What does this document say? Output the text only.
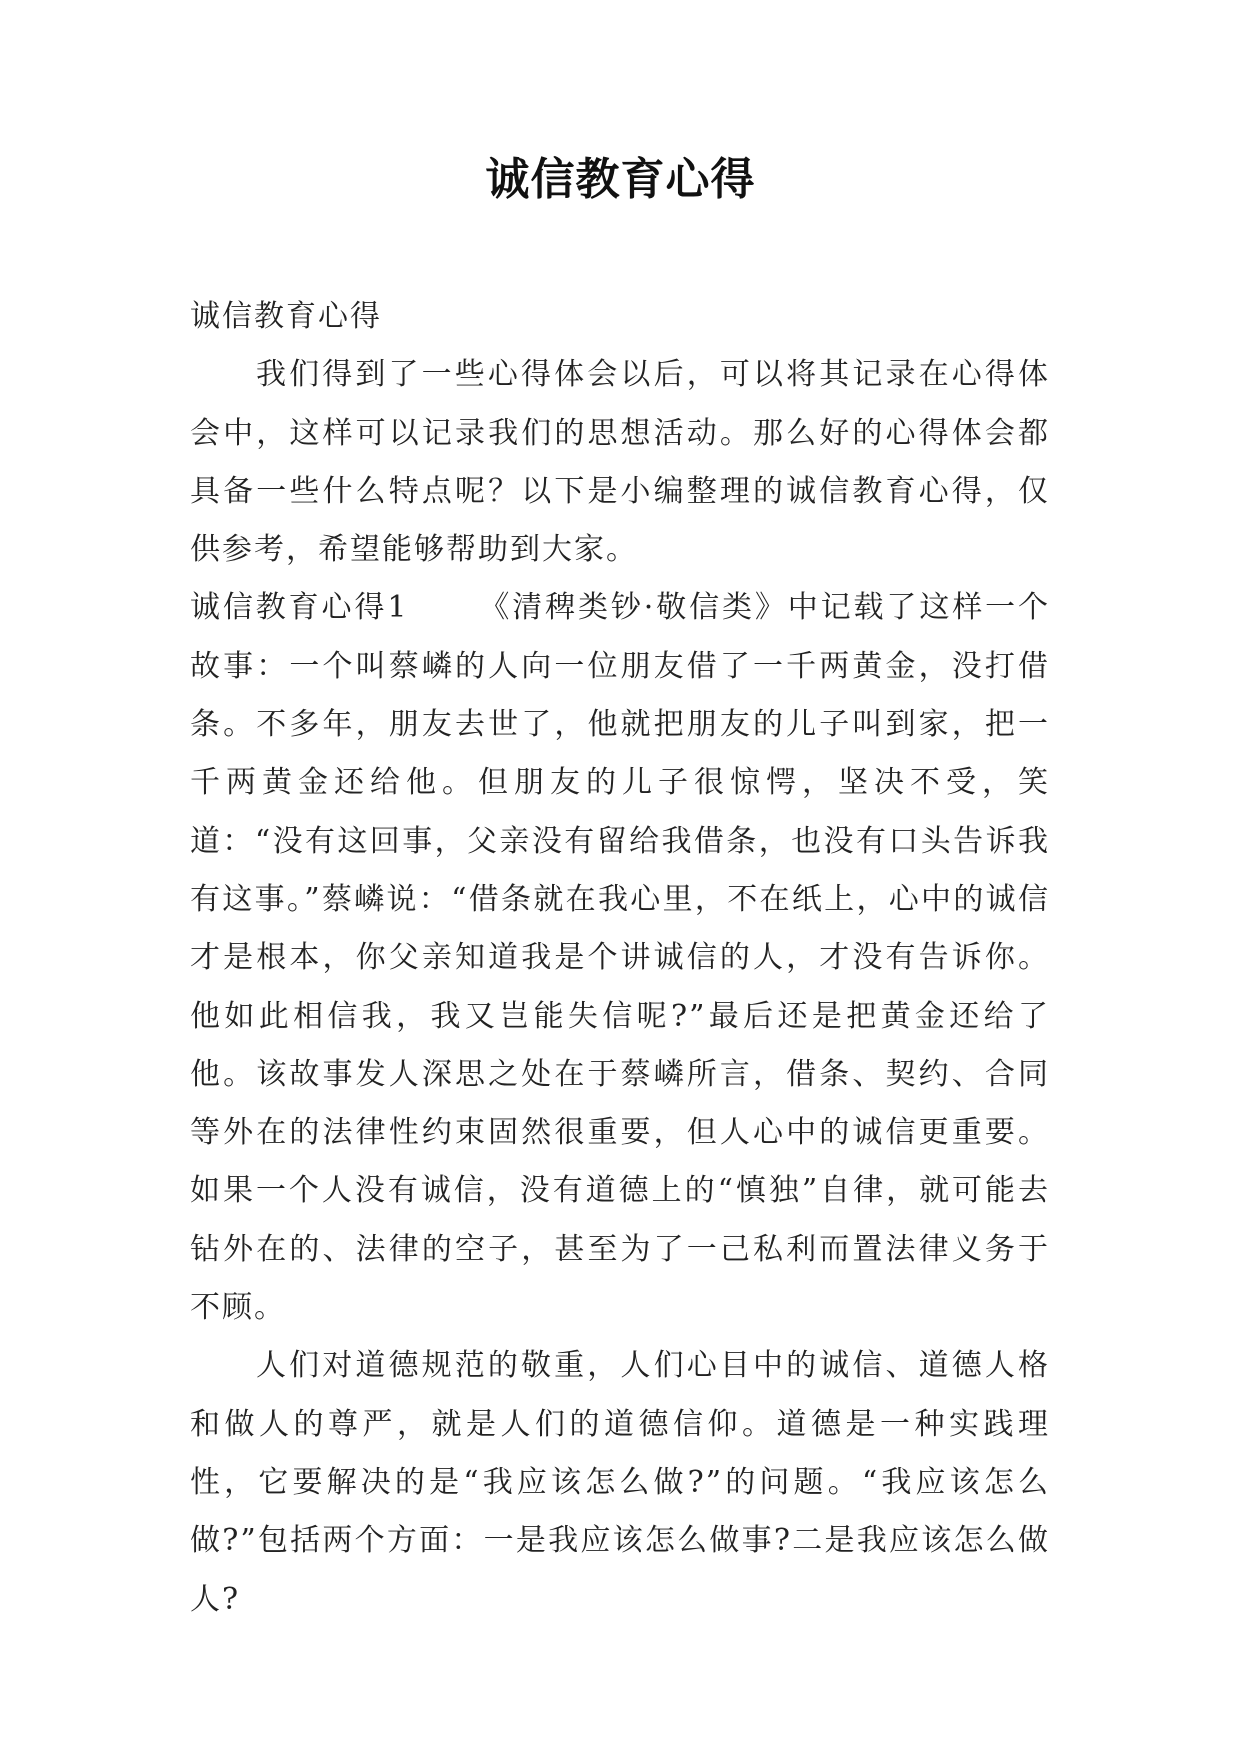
诚信教育心得

诚信教育心得

我们得到了一些心得体会以后，可以将其记录在心得体会中，这样可以记录我们的思想活动。那么好的心得体会都具备一些什么特点呢？以下是小编整理的诚信教育心得，仅供参考，希望能够帮助到大家。

诚信教育心得1 《清稗类钞·敬信类》中记载了这样一个故事：一个叫蔡嶙的人向一位朋友借了一千两黄金，没打借条。不多年，朋友去世了，他就把朋友的儿子叫到家，把一千两黄金还给他。但朋友的儿子很惊愕，坚决不受，笑道：“没有这回事，父亲没有留给我借条，也没有口头告诉我有这事。”蔡嶙说：“借条就在我心里，不在纸上，心中的诚信才是根本，你父亲知道我是个讲诚信的人，才没有告诉你。他如此相信我，我又岂能失信呢?”最后还是把黄金还给了他。该故事发人深思之处在于蔡嶙所言，借条、契约、合同等外在的法律性约束固然很重要，但人心中的诚信更重要。如果一个人没有诚信，没有道德上的“慎独”自律，就可能去钻外在的、法律的空子，甚至为了一己私利而置法律义务于不顾。

人们对道德规范的敬重，人们心目中的诚信、道德人格和做人的尊严，就是人们的道德信仰。道德是一种实践理性，它要解决的是“我应该怎么做?”的问题。“我应该怎么做?”包括两个方面：一是我应该怎么做事?二是我应该怎么做人?
